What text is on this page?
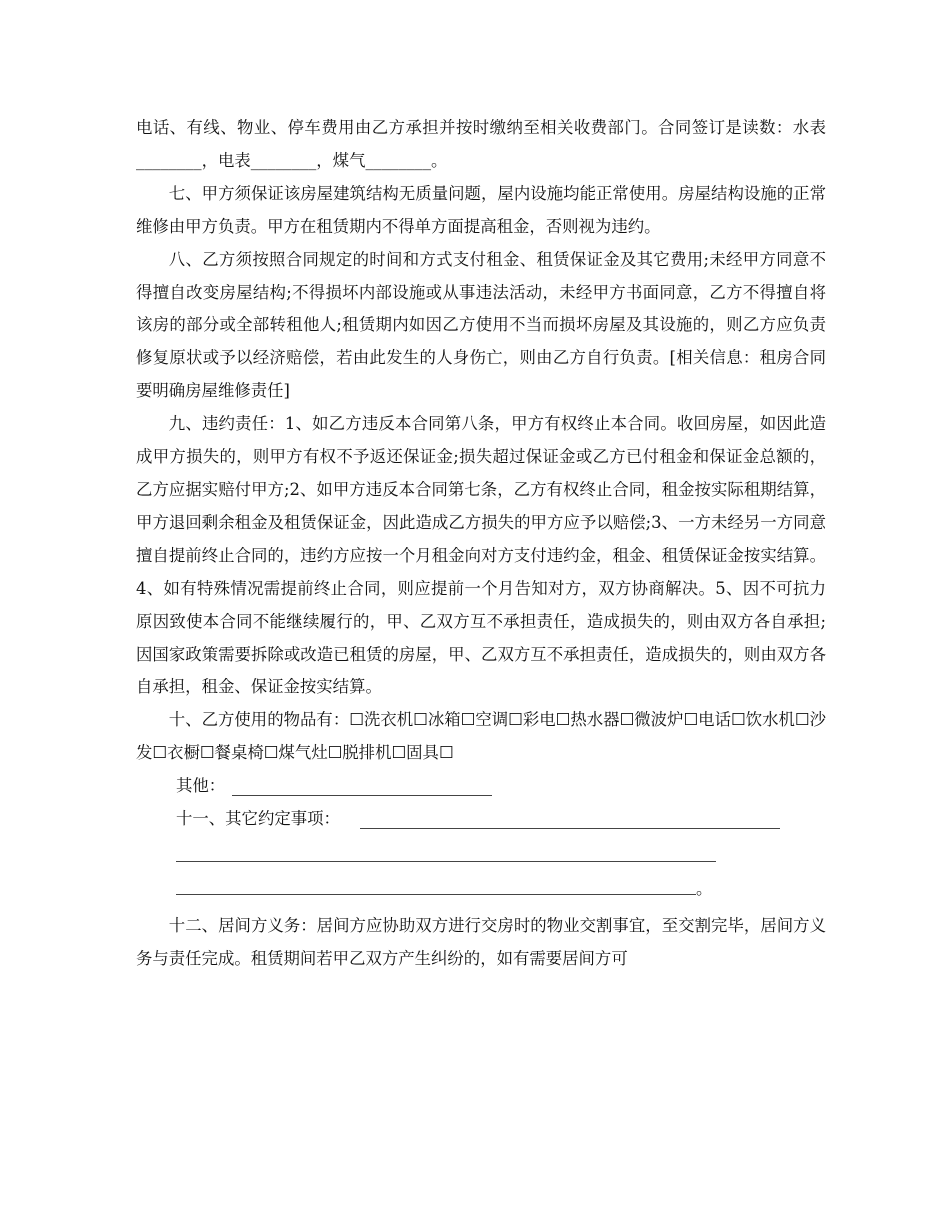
电话、有线、物业、停车费用由乙方承担并按时缴纳至相关收费部门。合同签订是读数：水表________，电表________，煤气________。

七、甲方须保证该房屋建筑结构无质量问题，屋内设施均能正常使用。房屋结构设施的正常维修由甲方负责。甲方在租赁期内不得单方面提高租金，否则视为违约。

八、乙方须按照合同规定的时间和方式支付租金、租赁保证金及其它费用;未经甲方同意不得擅自改变房屋结构;不得损坏内部设施或从事违法活动，未经甲方书面同意，乙方不得擅自将该房的部分或全部转租他人;租赁期内如因乙方使用不当而损坏房屋及其设施的，则乙方应负责修复原状或予以经济赔偿，若由此发生的人身伤亡，则由乙方自行负责。[相关信息：租房合同要明确房屋维修责任]

九、违约责任：1、如乙方违反本合同第八条，甲方有权终止本合同。收回房屋，如因此造成甲方损失的，则甲方有权不予返还保证金;损失超过保证金或乙方已付租金和保证金总额的，乙方应据实赔付甲方;2、如甲方违反本合同第七条，乙方有权终止合同，租金按实际租期结算，甲方退回剩余租金及租赁保证金，因此造成乙方损失的甲方应予以赔偿;3、一方未经另一方同意擅自提前终止合同的，违约方应按一个月租金向对方支付违约金，租金、租赁保证金按实结算。4、如有特殊情况需提前终止合同，则应提前一个月告知对方，双方协商解决。5、因不可抗力原因致使本合同不能继续履行的，甲、乙双方互不承担责任，造成损失的，则由双方各自承担;因国家政策需要拆除或改造已租赁的房屋，甲、乙双方互不承担责任，造成损失的，则由双方各自承担，租金、保证金按实结算。

十、乙方使用的物品有：☐洗衣机☐冰箱☐空调☐彩电☐热水器☐微波炉☐电话☐饮水机☐沙发☐衣橱☐餐桌椅☐煤气灶☐脱排机☐固具☐

其他：
十一、其它约定事项：
。

十二、居间方义务：居间方应协助双方进行交房时的物业交割事宜，至交割完毕，居间方义务与责任完成。租赁期间若甲乙双方产生纠纷的，如有需要居间方可
